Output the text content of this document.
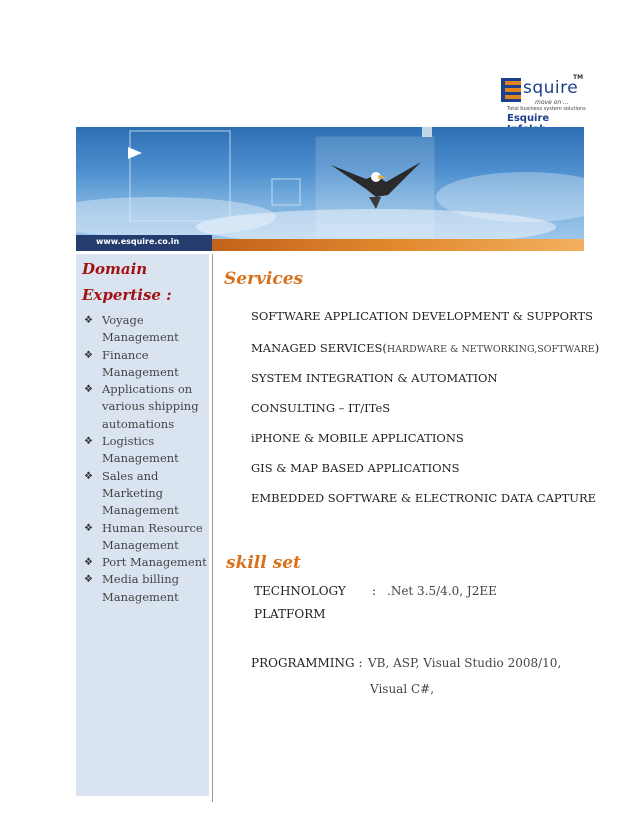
squire
TM
move on ...
Total business system solutions
Esquire
www.esquire.co.in
Domain
Expertise :
❖ Voyage Management
❖ Finance Management
❖ Applications on various shipping automations
❖ Logistics Management
❖ Sales and Marketing Management
❖ Human Resource Management
❖ Port Management
❖ Media billing Management
Services
SOFTWARE APPLICATION DEVELOPMENT & SUPPORTS
MANAGED SERVICES(HARDWARE & NETWORKING,SOFTWARE)
SYSTEM INTEGRATION & AUTOMATION
CONSULTING – IT/ITeS
iPHONE & MOBILE APPLICATIONS
GIS & MAP BASED APPLICATIONS
EMBEDDED SOFTWARE & ELECTRONIC DATA CAPTURE
skill set
TECHNOLOGY : .Net 3.5/4.0, J2EE
PLATFORM
PROGRAMMING : VB, ASP, Visual Studio 2008/10,
Visual C#,
